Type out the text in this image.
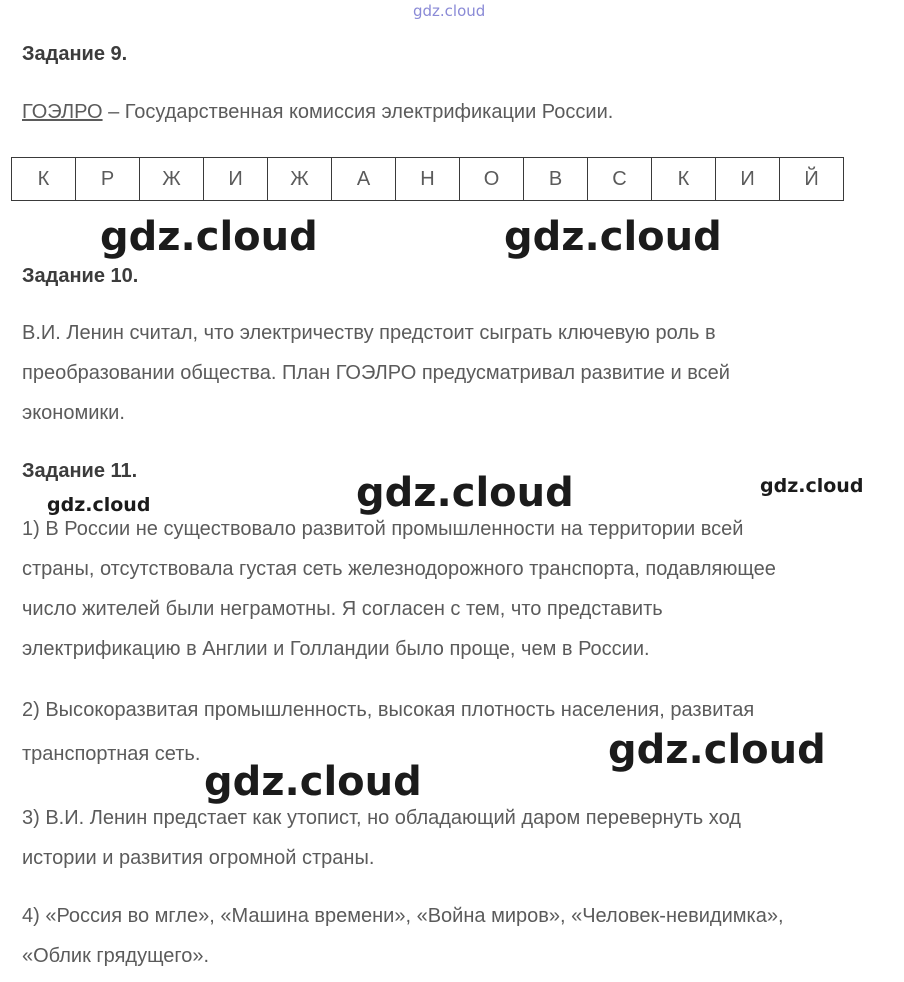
gdz.cloud
Задание 9.
ГОЭЛРО – Государственная комиссия электрификации России.
К	Р	Ж	И	Ж	А	Н	О	В	С	К	И	Й
gdz.cloud	gdz.cloud
Задание 10.

В.И. Ленин считал, что электричеству предстоит сыграть ключевую роль в

преобразовании общества. План ГОЭЛРО предусматривал развитие и всей

экономики.

Задание 11.
gdz.cloud	gdz.cloud	gdz.cloud

1) В России не существовало развитой промышленности на территории всей

страны, отсутствовала густая сеть железнодорожного транспорта, подавляющее

число жителей были неграмотны. Я согласен с тем, что представить

электрификацию в Англии и Голландии было проще, чем в России.

2) Высокоразвитая промышленность, высокая плотность населения, развитая

транспортная сеть.	gdz.cloud
gdz.cloud

3) В.И. Ленин предстает как утопист, но обладающий даром перевернуть ход

истории и развития огромной страны.

4) «Россия во мгле», «Машина времени», «Война миров», «Человек-невидимка»,

«Облик грядущего».
